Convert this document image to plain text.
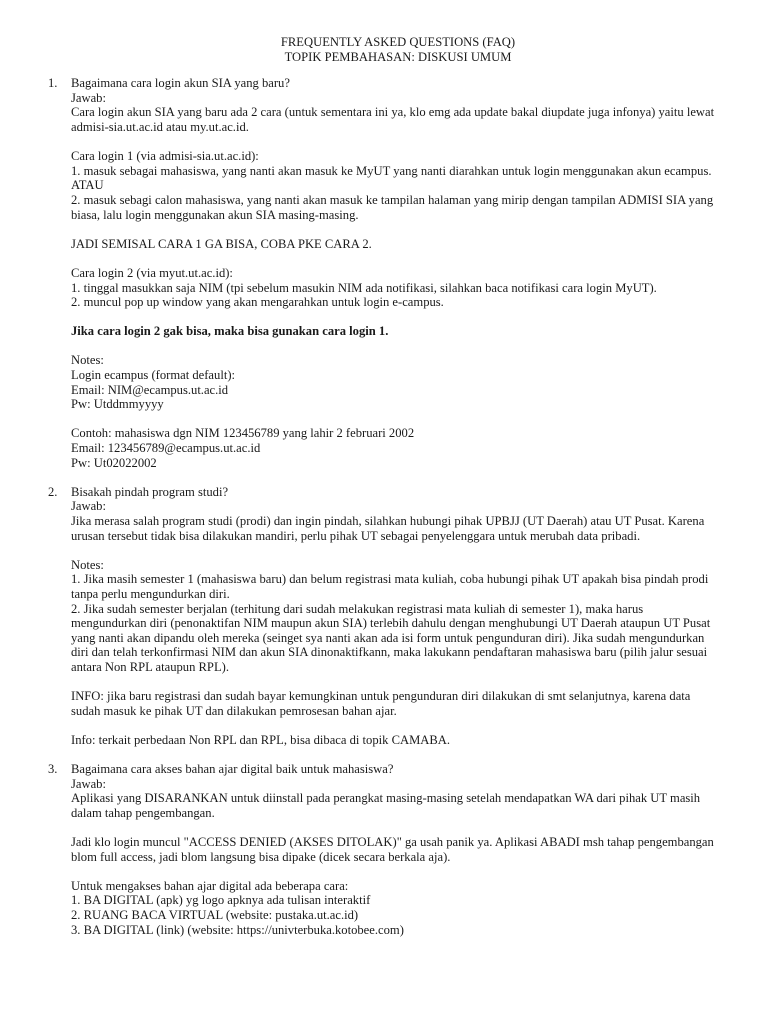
FREQUENTLY ASKED QUESTIONS (FAQ)
TOPIK PEMBAHASAN: DISKUSI UMUM
1.	Bagaimana cara login akun SIA yang baru?
Jawab:
Cara login akun SIA yang baru ada 2 cara (untuk sementara ini ya, klo emg ada update bakal diupdate juga infonya) yaitu lewat admisi-sia.ut.ac.id atau my.ut.ac.id.
Cara login 1 (via admisi-sia.ut.ac.id):
1. masuk sebagai mahasiswa, yang nanti akan masuk ke MyUT yang nanti diarahkan untuk login menggunakan akun ecampus.
ATAU
2. masuk sebagi calon mahasiswa, yang nanti akan masuk ke tampilan halaman yang mirip dengan tampilan ADMISI SIA yang biasa, lalu login menggunakan akun SIA masing-masing.
JADI SEMISAL CARA 1 GA BISA, COBA PKE CARA 2.
Cara login 2 (via myut.ut.ac.id):
1. tinggal masukkan saja NIM (tpi sebelum masukin NIM ada notifikasi, silahkan baca notifikasi cara login MyUT).
2. muncul pop up window yang akan mengarahkan untuk login e-campus.
Jika cara login 2 gak bisa, maka bisa gunakan cara login 1.
Notes:
Login ecampus (format default):
Email: NIM@ecampus.ut.ac.id
Pw: Utddmmyyyy
Contoh: mahasiswa dgn NIM 123456789 yang lahir 2 februari 2002
Email: 123456789@ecampus.ut.ac.id
Pw: Ut02022002
2.	Bisakah pindah program studi?
Jawab:
Jika merasa salah program studi (prodi) dan ingin pindah, silahkan hubungi pihak UPBJJ (UT Daerah) atau UT Pusat. Karena urusan tersebut tidak bisa dilakukan mandiri, perlu pihak UT sebagai penyelenggara untuk merubah data pribadi.
Notes:
1. Jika masih semester 1 (mahasiswa baru) dan belum registrasi mata kuliah, coba hubungi pihak UT apakah bisa pindah prodi tanpa perlu mengundurkan diri.
2. Jika sudah semester berjalan (terhitung dari sudah melakukan registrasi mata kuliah di semester 1), maka harus mengundurkan diri (penonaktifan NIM maupun akun SIA) terlebih dahulu dengan menghubungi UT Daerah ataupun UT Pusat yang nanti akan dipandu oleh mereka (seinget sya nanti akan ada isi form untuk pengunduran diri). Jika sudah mengundurkan diri dan telah terkonfirmasi NIM dan akun SIA dinonaktifkann, maka lakukann pendaftaran mahasiswa baru (pilih jalur sesuai antara Non RPL ataupun RPL).
INFO: jika baru registrasi dan sudah bayar kemungkinan untuk pengunduran diri dilakukan di smt selanjutnya, karena data sudah masuk ke pihak UT dan dilakukan pemrosesan bahan ajar.
Info: terkait perbedaan Non RPL dan RPL, bisa dibaca di topik CAMABA.
3.	Bagaimana cara akses bahan ajar digital baik untuk mahasiswa?
Jawab:
Aplikasi yang DISARANKAN untuk diinstall pada perangkat masing-masing setelah mendapatkan WA dari pihak UT masih dalam tahap pengembangan.
Jadi klo login muncul "ACCESS DENIED (AKSES DITOLAK)" ga usah panik ya. Aplikasi ABADI msh tahap pengembangan blom full access, jadi blom langsung bisa dipake (dicek secara berkala aja).
Untuk mengakses bahan ajar digital ada beberapa cara:
1. BA DIGITAL (apk) yg logo apknya ada tulisan interaktif
2. RUANG BACA VIRTUAL (website: pustaka.ut.ac.id)
3. BA DIGITAL (link) (website: https://univterbuka.kotobee.com)
